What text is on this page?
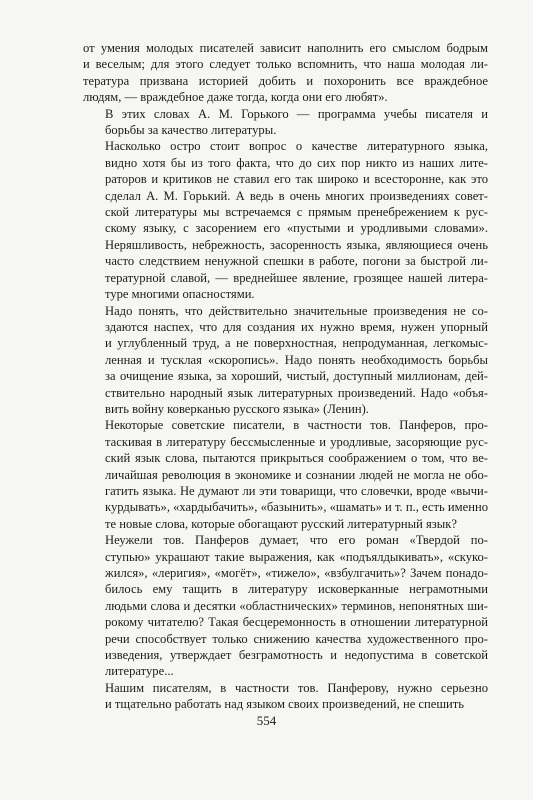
от умения молодых писателей зависит наполнить его смыслом бодрым
и веселым; для этого следует только вспомнить, что наша молодая ли-
тература призвана историей добить и похоронить все враждебное
людям, — враждебное даже тогда, когда они его любят».

В этих словах А. М. Горького — программа учебы писателя и
борьбы за качество литературы.

Насколько остро стоит вопрос о качестве литературного языка,
видно хотя бы из того факта, что до сих пор никто из наших лите-
раторов и критиков не ставил его так широко и всесторонне, как это
сделал А. М. Горький. А ведь в очень многих произведениях совет-
ской литературы мы встречаемся с прямым пренебрежением к рус-
скому языку, с засорением его «пустыми и уродливыми словами».
Неряшливость, небрежность, засоренность языка, являющиеся очень
часто следствием ненужной спешки в работе, погони за быстрой ли-
тературной славой, — вреднейшее явление, грозящее нашей литера-
туре многими опасностями.

Надо понять, что действительно значительные произведения не со-
здаются наспех, что для создания их нужно время, нужен упорный
и углубленный труд, а не поверхностная, непродуманная, легкомыс-
ленная и тусклая «скоропись». Надо понять необходимость борьбы
за очищение языка, за хороший, чистый, доступный миллионам, дей-
ствительно народный язык литературных произведений. Надо «объя-
вить войну коверканью русского языка» (Ленин).

Некоторые советские писатели, в частности тов. Панферов, про-
таскивая в литературу бессмысленные и уродливые, засоряющие рус-
ский язык слова, пытаются прикрыться соображением о том, что ве-
личайшая революция в экономике и сознании людей не могла не обо-
гатить языка. Не думают ли эти товарищи, что словечки, вроде «вычи-
курдывать», «хардыбачить», «базынить», «шамать» и т. п., есть именно
те новые слова, которые обогащают русский литературный язык?

Неужели тов. Панферов думает, что его роман «Твердой по-
ступью» украшают такие выражения, как «подъялдыкивать», «скуко-
жился», «леригия», «могёт», «тижело», «взбулгачить»? Зачем понадо-
билось ему тащить в литературу исковерканные неграмотными
людьми слова и десятки «областнических» терминов, непонятных ши-
рокому читателю? Такая бесцеремонность в отношении литературной
речи способствует только снижению качества художественного про-
изведения, утверждает безграмотность и недопустима в советской
литературе...

Нашим писателям, в частности тов. Панферову, нужно серьезно
и тщательно работать над языком своих произведений, не спешить

554
